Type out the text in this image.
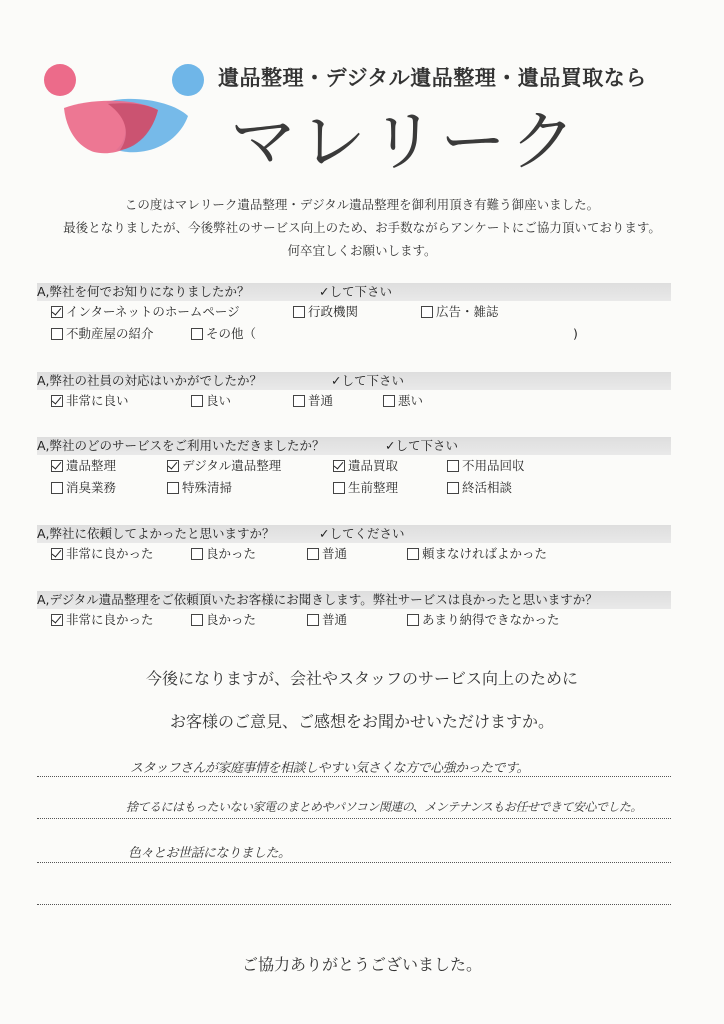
遺品整理・デジタル遺品整理・遺品買取なら
マレリーク
この度はマレリーク遺品整理・デジタル遺品整理を御利用頂き有難う御座いました。
最後となりましたが、今後弊社のサービス向上のため、お手数ながらアンケートにご協力頂いております。
何卒宜しくお願いします。
A,弊社を何でお知りになりましたか？	✓して下さい
インターネットのホームページ	行政機関	広告・雑誌
不動産屋の紹介	その他（	)
A,弊社の社員の対応はいかがでしたか？	✓して下さい
非常に良い	良い	普通	悪い
A,弊社のどのサービスをご利用いただきましたか？	✓して下さい
遺品整理	デジタル遺品整理	遺品買取	不用品回収
消臭業務	特殊清掃	生前整理	終活相談
A,弊社に依頼してよかったと思いますか？	✓してください
非常に良かった	良かった	普通	頼まなければよかった
A,デジタル遺品整理をご依頼頂いたお客様にお聞きします。弊社サービスは良かったと思いますか？
非常に良かった	良かった	普通	あまり納得できなかった
今後になりますが、会社やスタッフのサービス向上のために
お客様のご意見、ご感想をお聞かせいただけますか。
スタッフさんが家庭事情を相談しやすい気さくな方で心強かったです。
捨てるにはもったいない家電のまとめやパソコン関連の、メンテナンスもお任せできて安心でした。
色々とお世話になりました。
ご協力ありがとうございました。
